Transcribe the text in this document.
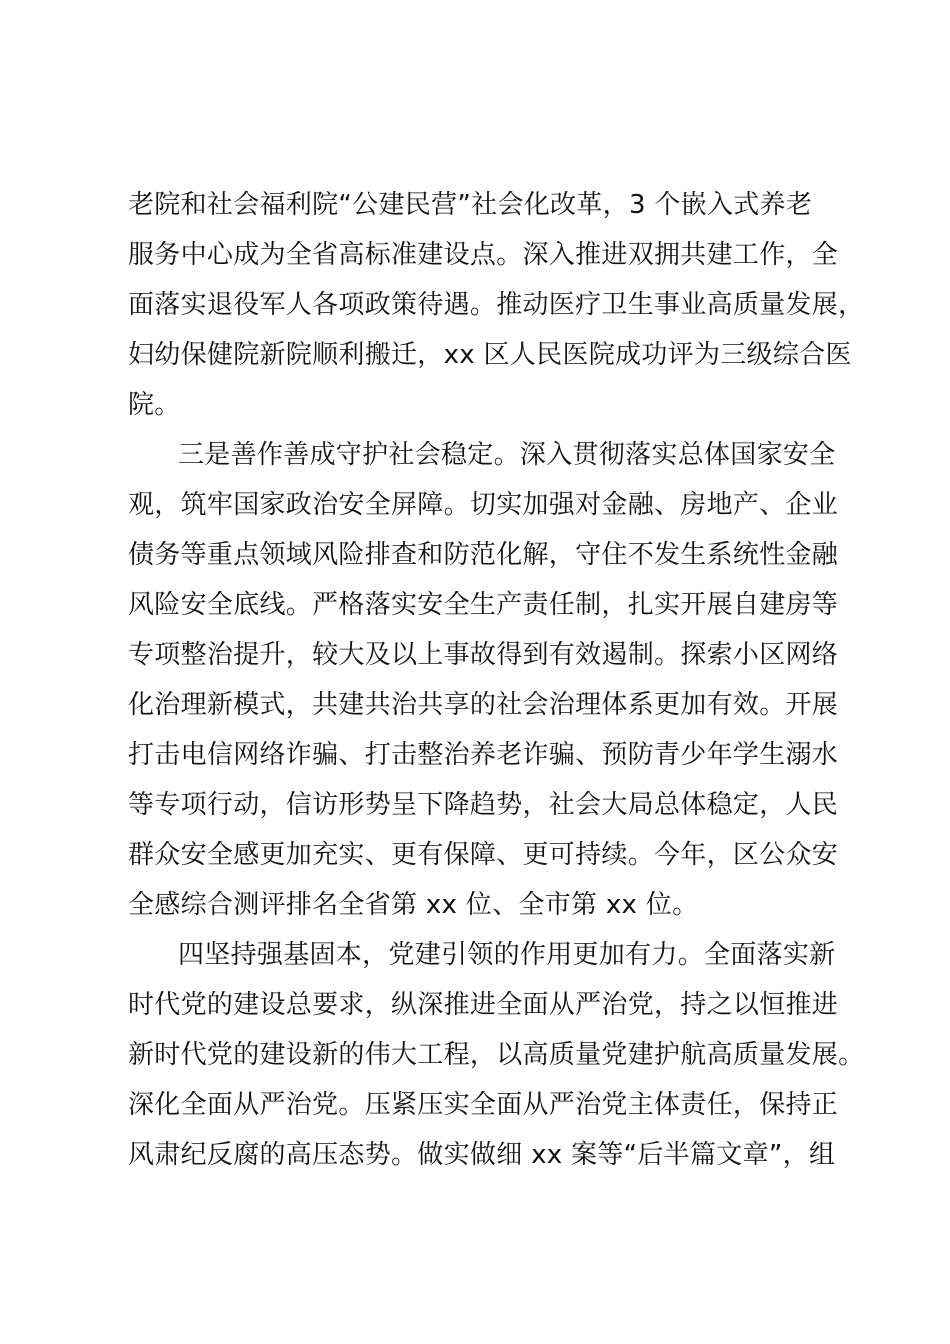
老院和社会福利院“公建民营”社会化改革，3 个嵌入式养老
服务中心成为全省高标准建设点。深入推进双拥共建工作，全
面落实退役军人各项政策待遇。推动医疗卫生事业高质量发展，
妇幼保健院新院顺利搬迁，xx 区人民医院成功评为三级综合医
院。
三是善作善成守护社会稳定。深入贯彻落实总体国家安全
观，筑牢国家政治安全屏障。切实加强对金融、房地产、企业
债务等重点领域风险排查和防范化解，守住不发生系统性金融
风险安全底线。严格落实安全生产责任制，扎实开展自建房等
专项整治提升，较大及以上事故得到有效遏制。探索小区网络
化治理新模式，共建共治共享的社会治理体系更加有效。开展
打击电信网络诈骗、打击整治养老诈骗、预防青少年学生溺水
等专项行动，信访形势呈下降趋势，社会大局总体稳定，人民
群众安全感更加充实、更有保障、更可持续。今年，区公众安
全感综合测评排名全省第 xx 位、全市第 xx 位。
四坚持强基固本，党建引领的作用更加有力。全面落实新
时代党的建设总要求，纵深推进全面从严治党，持之以恒推进
新时代党的建设新的伟大工程，以高质量党建护航高质量发展。
深化全面从严治党。压紧压实全面从严治党主体责任，保持正
风肃纪反腐的高压态势。做实做细 xx 案等“后半篇文章”，组
